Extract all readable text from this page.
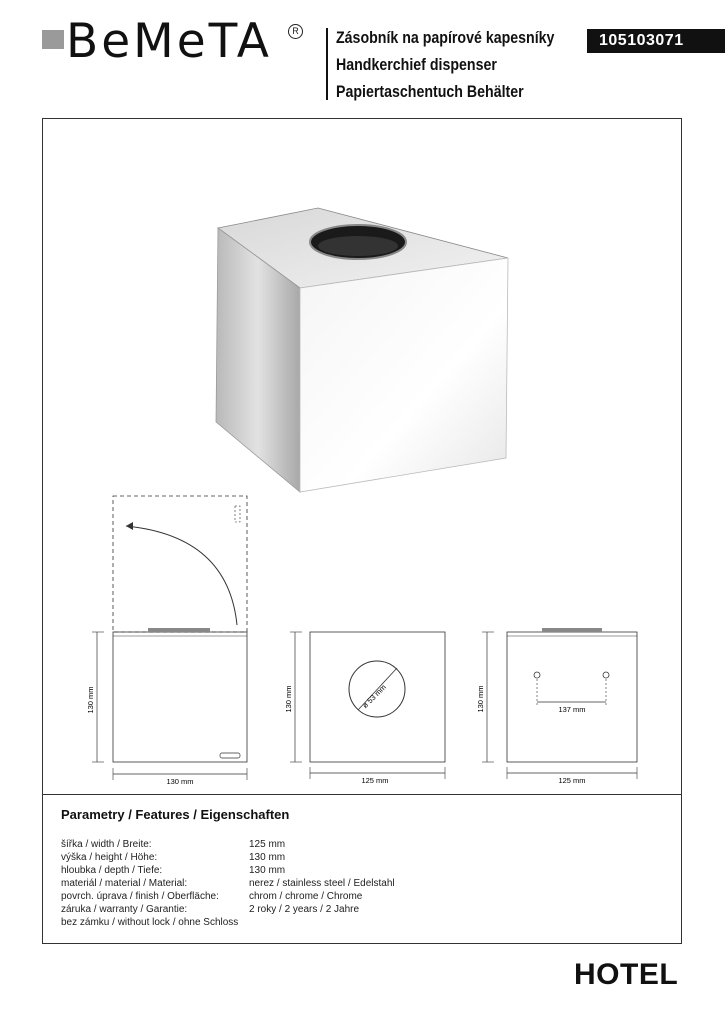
BeMeTA	R Zásobník na papírové kapesníky
Handkerchief dispenser
Papiertaschentuch Behälter
105103071
130 mm
130 mm
130 mm
125 mm
ø 53 mm	130 mm
125 mm
137 mm
Parametry / Features / Eigenschaften
šířka / width / Breite:	125 mm
výška / height / Höhe:	130 mm
hloubka / depth / Tiefe:	130 mm
materiál / material / Material:	nerez / stainless steel / Edelstahl
povrch. úprava / finish / Oberfläche:	chrom / chrome / Chrome
záruka / warranty / Garantie:	2 roky / 2 years / 2 Jahre
bez zámku / without lock / ohne Schloss
HOTEL
